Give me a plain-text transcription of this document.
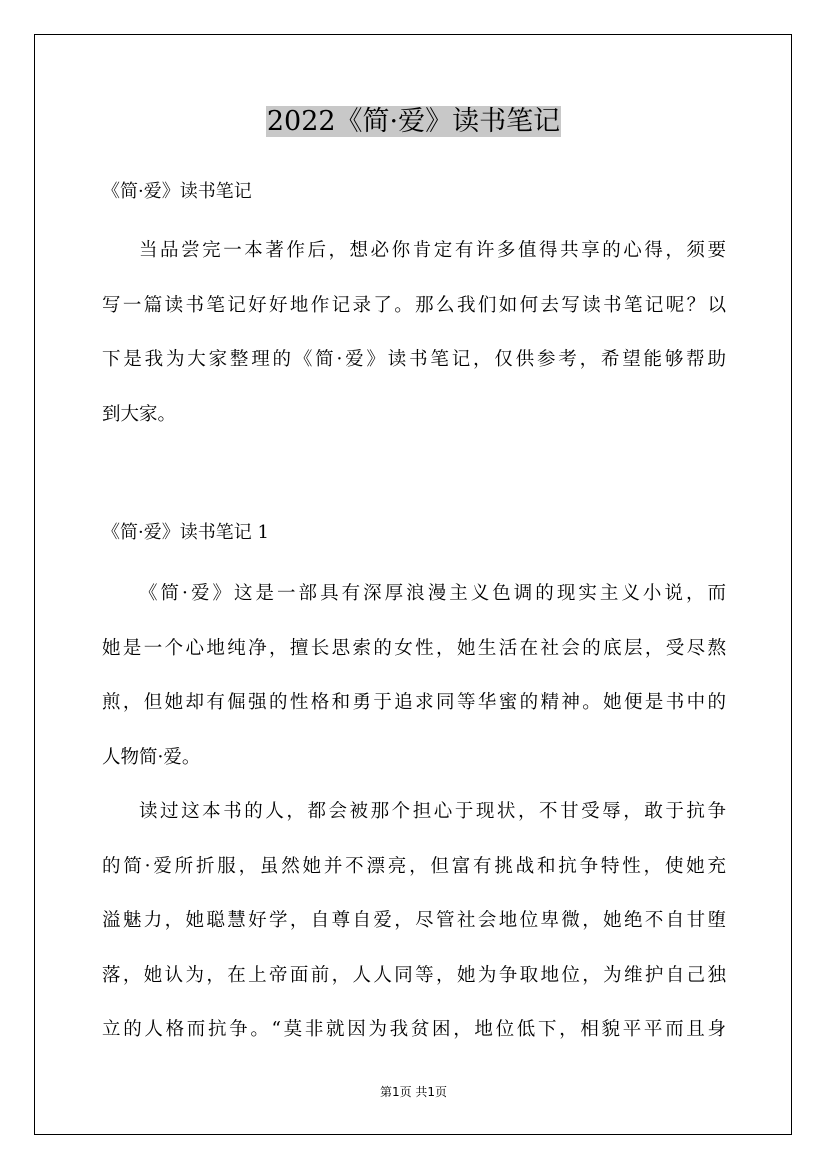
2022《简·爱》读书笔记

《简·爱》读书笔记

当品尝完一本著作后，想必你肯定有许多值得共享的心得，须要
写一篇读书笔记好好地作记录了。那么我们如何去写读书笔记呢？以
下是我为大家整理的《简·爱》读书笔记，仅供参考，希望能够帮助
到大家。

《简·爱》读书笔记 1

《简·爱》这是一部具有深厚浪漫主义色调的现实主义小说，而
她是一个心地纯净，擅长思索的女性，她生活在社会的底层，受尽熬
煎，但她却有倔强的性格和勇于追求同等华蜜的精神。她便是书中的
人物简·爱。
读过这本书的人，都会被那个担心于现状，不甘受辱，敢于抗争
的简·爱所折服，虽然她并不漂亮，但富有挑战和抗争特性，使她充
溢魅力，她聪慧好学，自尊自爱，尽管社会地位卑微，她绝不自甘堕
落，她认为，在上帝面前，人人同等，她为争取地位，为维护自己独
立的人格而抗争。“莫非就因为我贫困，地位低下，相貌平平而且身
第1页 共1页
